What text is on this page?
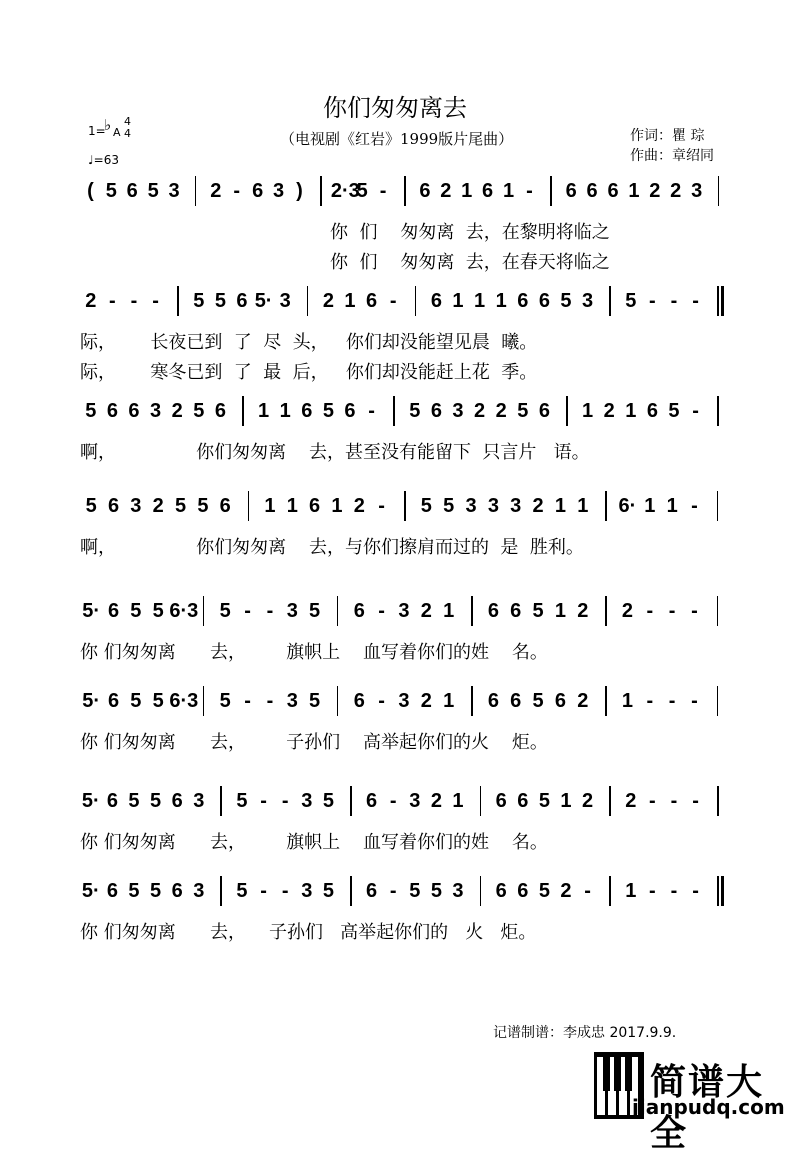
你们匆匆离去
1=
♭ A
4
4
♩=63
（电视剧《红岩》1999版片尾曲）	作词：瞿 琮
作曲：章绍同
( 5 6 5 3 2 - 6 3 )	2·3
5 -	6 2 1 6 1 -	6 6 6 1 2 2 3
你  们    匆匆离  去，在黎明将临之
你  们    匆匆离  去，在春天将临之
2 - - -	5 5 6 5· 3 2 1 6 -	6 1 1 1 6 6 5 3 5 - - -
际，      长夜已到  了  尽  头，   你们却没能望见晨  曦。
际，      寒冬已到  了  最  后，   你们却没能赶上花  季。
5 6 6 3 2 5 6 1 1 6 5 6 -	5 6 3 2 2 5 6 1 2 1 6 5 -
啊，              你们匆匆离    去，甚至没有能留下  只言片   语。
5 6 3 2 5 5 6 1 1 6 1 2 -	5 5 3 3 3 2 1 1 6· 1 1 -
啊，              你们匆匆离    去，与你们擦肩而过的  是  胜利。
5· 6 5 5 6·3 5 - - 3 5 6 - 3 2 1 6 6 5 1 2 2 - - -
你 们匆匆离      去，       旗帜上    血写着你们的姓    名。
5· 6 5 5 6·3 5 - - 3 5 6 - 3 2 1 6 6 5 6 2 1 - - -
你 们匆匆离      去，       子孙们    高举起你们的火    炬。
5· 6 5 5 6 3 5 - - 3 5 6 - 3 2 1 6 6 5 1 2 2 - - -
你 们匆匆离      去，       旗帜上    血写着你们的姓    名。
5· 6 5 5 6 3 5 - - 3 5 6 - 5 5 3 6 6 5 2 -	1 - - -
你 们匆匆离      去，    子孙们   高举起你们的   火   炬。
记谱制谱：李成忠 2017.9.9.
简谱大全
jianpudq.com
